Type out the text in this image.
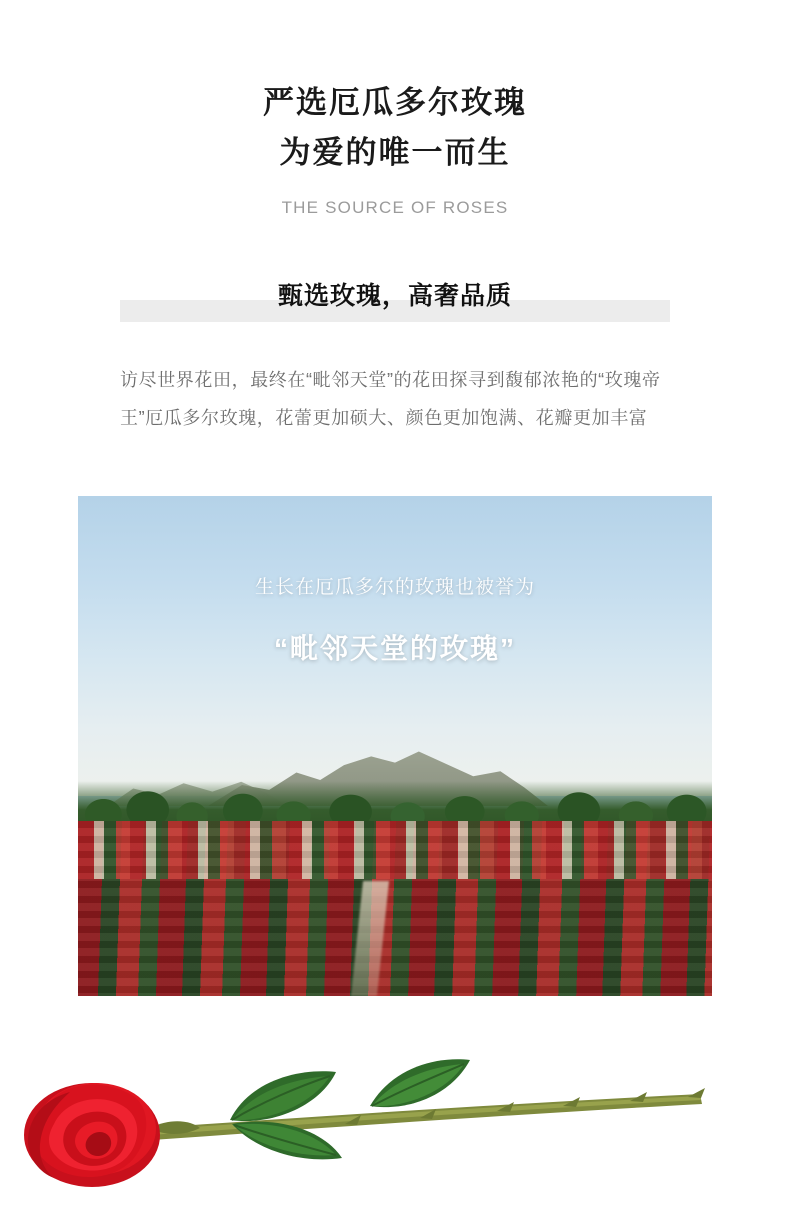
严选厄瓜多尔玫瑰
为爱的唯一而生
THE SOURCE OF ROSES
甄选玫瑰，高奢品质

访尽世界花田，最终在“毗邻天堂”的花田探寻到馥郁浓艳的“玫瑰帝王”厄瓜多尔玫瑰，花蕾更加硕大、颜色更加饱满、花瓣更加丰富

生长在厄瓜多尔的玫瑰也被誉为
“毗邻天堂的玫瑰”
